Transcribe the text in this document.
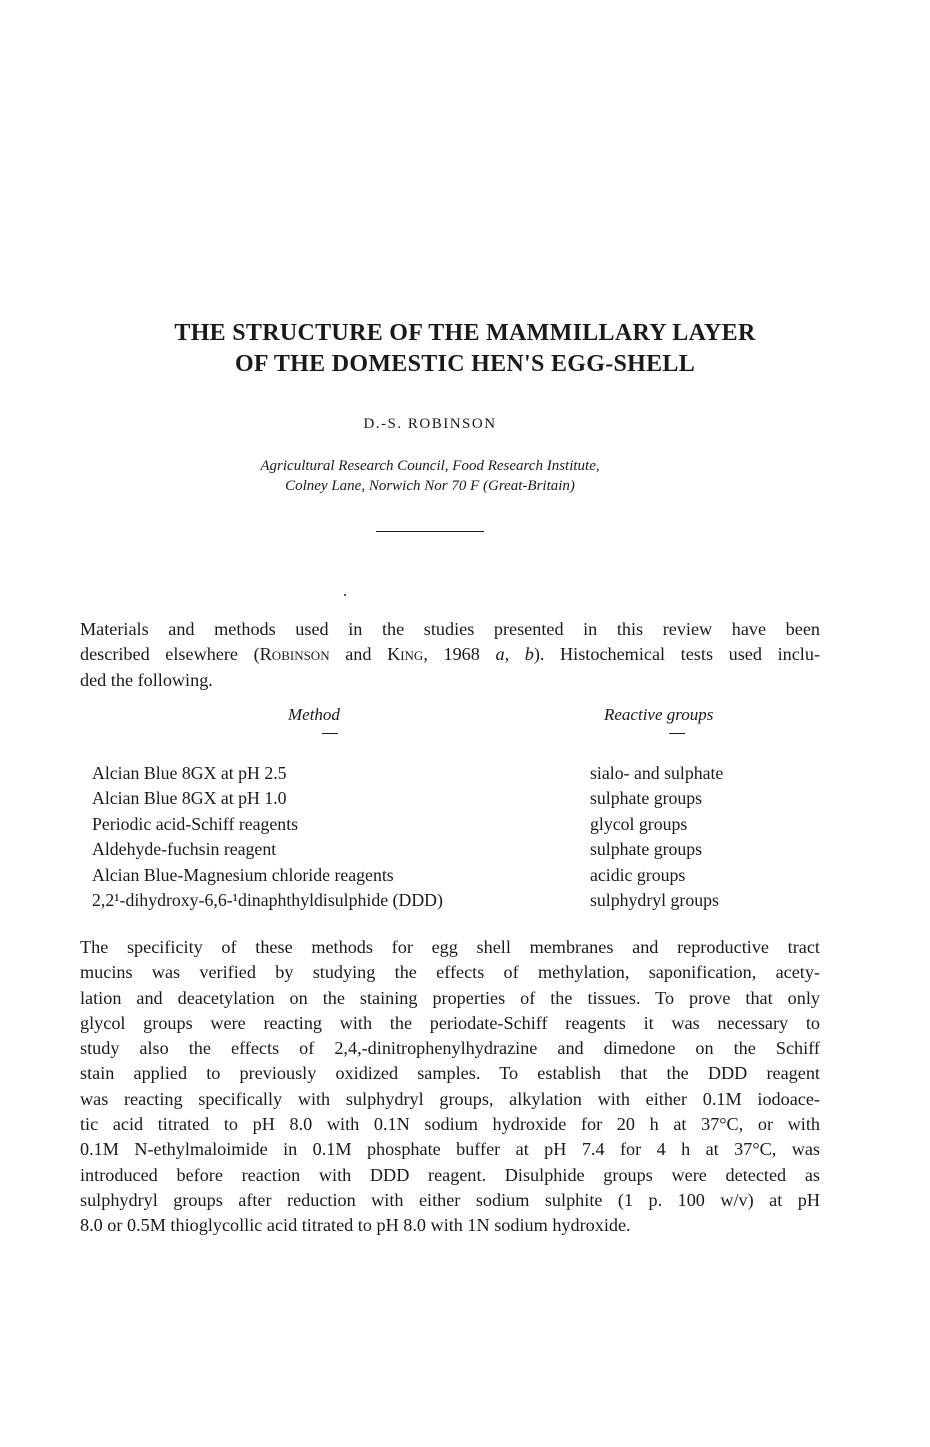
THE STRUCTURE OF THE MAMMILLARY LAYER
OF THE DOMESTIC HEN'S EGG-SHELL
D.-S. ROBINSON
Agricultural Research Council, Food Research Institute,
Colney Lane, Norwich Nor 70 F (Great-Britain)
Materials and methods used in the studies presented in this review have been
described elsewhere (Robinson and King, 1968 a, b). Histochemical tests used inclu-
ded the following.
Method	Reactive groups
Alcian Blue 8GX at pH 2.5
Alcian Blue 8GX at pH 1.0
Periodic acid-Schiff reagents
Aldehyde-fuchsin reagent
Alcian Blue-Magnesium chloride reagents
2,2¹-dihydroxy-6,6-¹dinaphthyldisulphide (DDD)
sialo- and sulphate
sulphate groups
glycol groups
sulphate groups
acidic groups
sulphydryl groups
The specificity of these methods for egg shell membranes and reproductive tract
mucins was verified by studying the effects of methylation, saponification, acety-
lation and deacetylation on the staining properties of the tissues. To prove that only
glycol groups were reacting with the periodate-Schiff reagents it was necessary to
study also the effects of 2,4,-dinitrophenylhydrazine and dimedone on the Schiff
stain applied to previously oxidized samples. To establish that the DDD reagent
was reacting specifically with sulphydryl groups, alkylation with either 0.1M iodoace-
tic acid titrated to pH 8.0 with 0.1N sodium hydroxide for 20 h at 37°C, or with
0.1M N-ethylmaloimide in 0.1M phosphate buffer at pH 7.4 for 4 h at 37°C, was
introduced before reaction with DDD reagent. Disulphide groups were detected as
sulphydryl groups after reduction with either sodium sulphite (1 p. 100 w/v) at pH
8.0 or 0.5M thioglycollic acid titrated to pH 8.0 with 1N sodium hydroxide.
